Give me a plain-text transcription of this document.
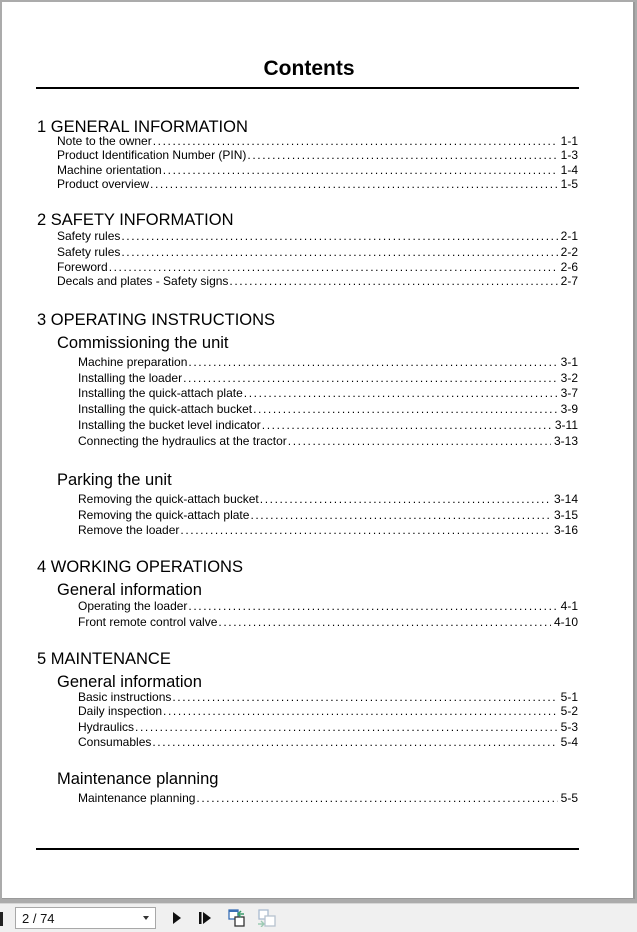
Contents
1 GENERAL INFORMATION
Note to the owner .....	1-1
Product Identification Number (PIN) .....	1-3
Machine orientation .....	1-4
Product overview .....	1-5
2 SAFETY INFORMATION
Safety rules .....	2-1
Safety rules .....	2-2
Foreword .....	2-6
Decals and plates - Safety signs .....	2-7
3 OPERATING INSTRUCTIONS
Commissioning the unit
Machine preparation .....	3-1
Installing the loader .....	3-2
Installing the quick-attach plate .....	3-7
Installing the quick-attach bucket .....	3-9
Installing the bucket level indicator .....	3-11
Connecting the hydraulics at the tractor .....	3-13
Parking the unit
Removing the quick-attach bucket .....	3-14
Removing the quick-attach plate .....	3-15
Remove the loader .....	3-16
4 WORKING OPERATIONS
General information
Operating the loader .....	4-1
Front remote control valve .....	4-10
5 MAINTENANCE
General information
Basic instructions .....	5-1
Daily inspection .....	5-2
Hydraulics .....	5-3
Consumables .....	5-4
Maintenance planning
Maintenance planning .....	5-5
2 / 74
